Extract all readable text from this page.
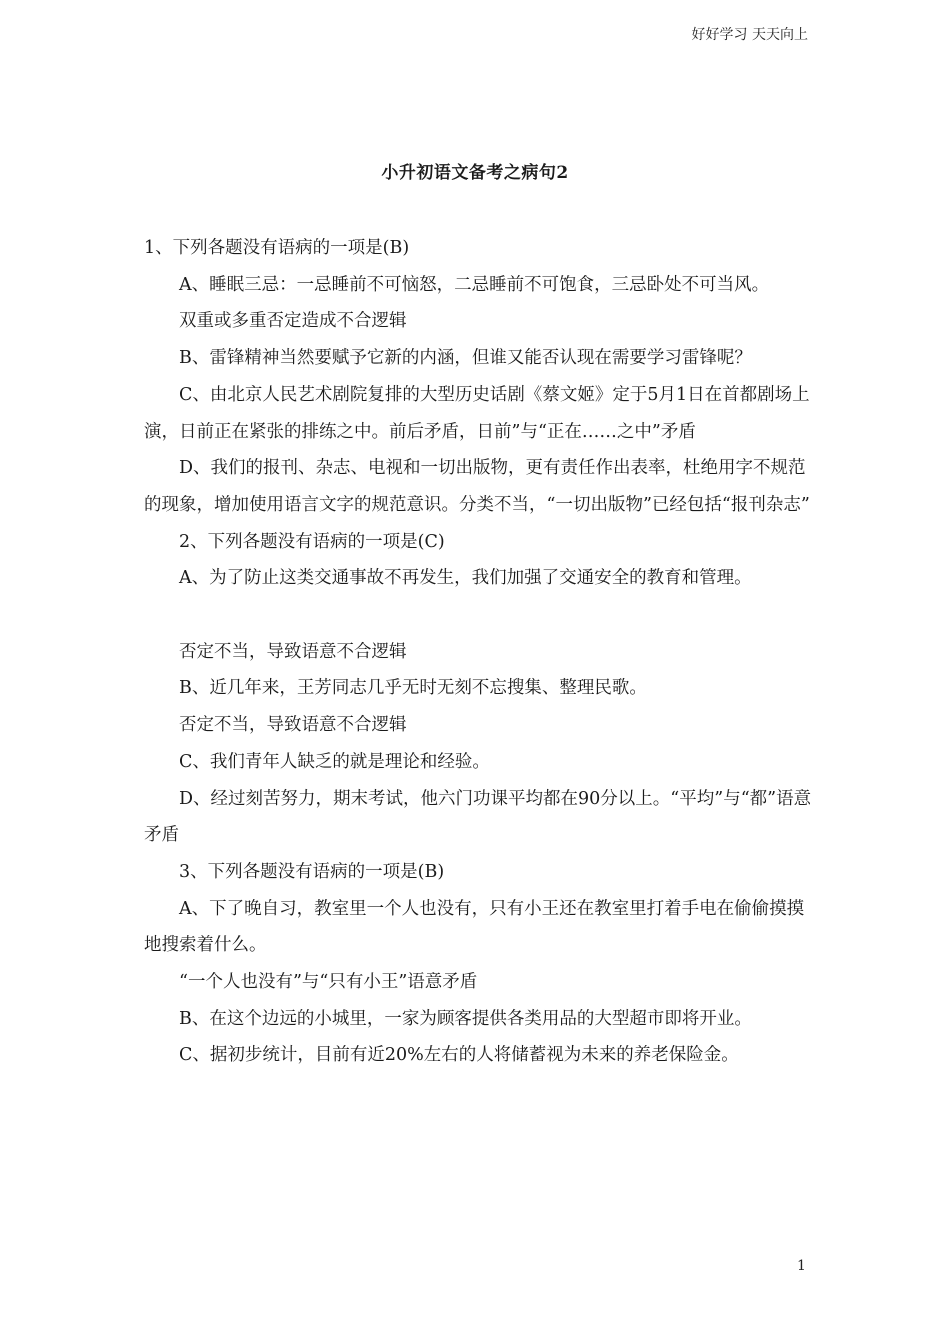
好好学习 天天向上
小升初语文备考之病句2

1、下列各题没有语病的一项是(B)

A、睡眠三忌：一忌睡前不可恼怒，二忌睡前不可饱食，三忌卧处不可当风。

双重或多重否定造成不合逻辑

B、雷锋精神当然要赋予它新的内涵，但谁又能否认现在需要学习雷锋呢？

C、由北京人民艺术剧院复排的大型历史话剧《蔡文姬》定于5月1日在首都剧场上演，日前正在紧张的排练之中。前后矛盾，日前”与“正在……之中”矛盾

D、我们的报刊、杂志、电视和一切出版物，更有责任作出表率，杜绝用字不规范的现象，增加使用语言文字的规范意识。分类不当，“一切出版物”已经包括“报刊杂志”

2、下列各题没有语病的一项是(C)

A、为了防止这类交通事故不再发生，我们加强了交通安全的教育和管理。

否定不当，导致语意不合逻辑

B、近几年来，王芳同志几乎无时无刻不忘搜集、整理民歌。

否定不当，导致语意不合逻辑

C、我们青年人缺乏的就是理论和经验。

D、经过刻苦努力，期末考试，他六门功课平均都在90分以上。“平均”与“都”语意矛盾

3、下列各题没有语病的一项是(B)

A、下了晚自习，教室里一个人也没有，只有小王还在教室里打着手电在偷偷摸摸地搜索着什么。

“一个人也没有”与“只有小王”语意矛盾

B、在这个边远的小城里，一家为顾客提供各类用品的大型超市即将开业。

C、据初步统计，目前有近20%左右的人将储蓄视为未来的养老保险金。

1
